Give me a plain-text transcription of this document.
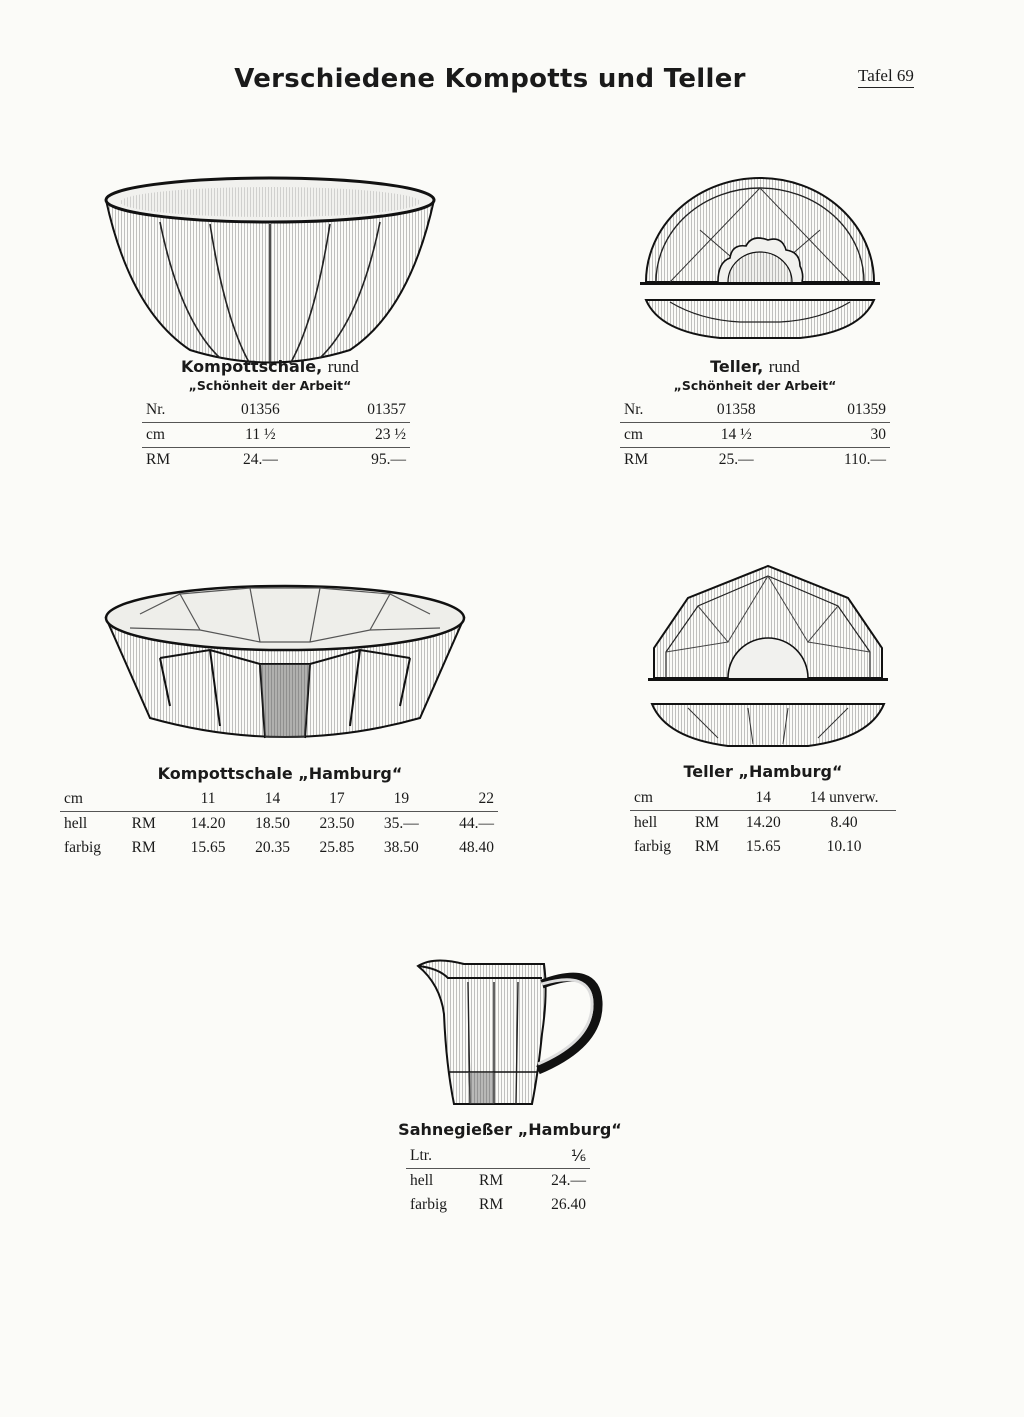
Verschiedene Kompotts und Teller	Tafel 69
Kompottschale, rund
„Schönheit der Arbeit“
Nr.	01356	01357
cm	11 ½	23 ½
RM	24.—	95.—
Teller, rund
„Schönheit der Arbeit“
Nr.	01358	01359
cm	14 ½	30
RM	25.—	110.—
Kompottschale „Hamburg“
cm		11	14	17	19	22
hell	RM	14.20	18.50	23.50	35.—	44.—
farbig	RM	15.65	20.35	25.85	38.50	48.40
Teller „Hamburg“
cm		14	14 unverw.
hell	RM	14.20	8.40
farbig	RM	15.65	10.10
Sahnegießer „Hamburg“
Ltr.		⅙
hell	RM	24.—
farbig	RM	26.40
